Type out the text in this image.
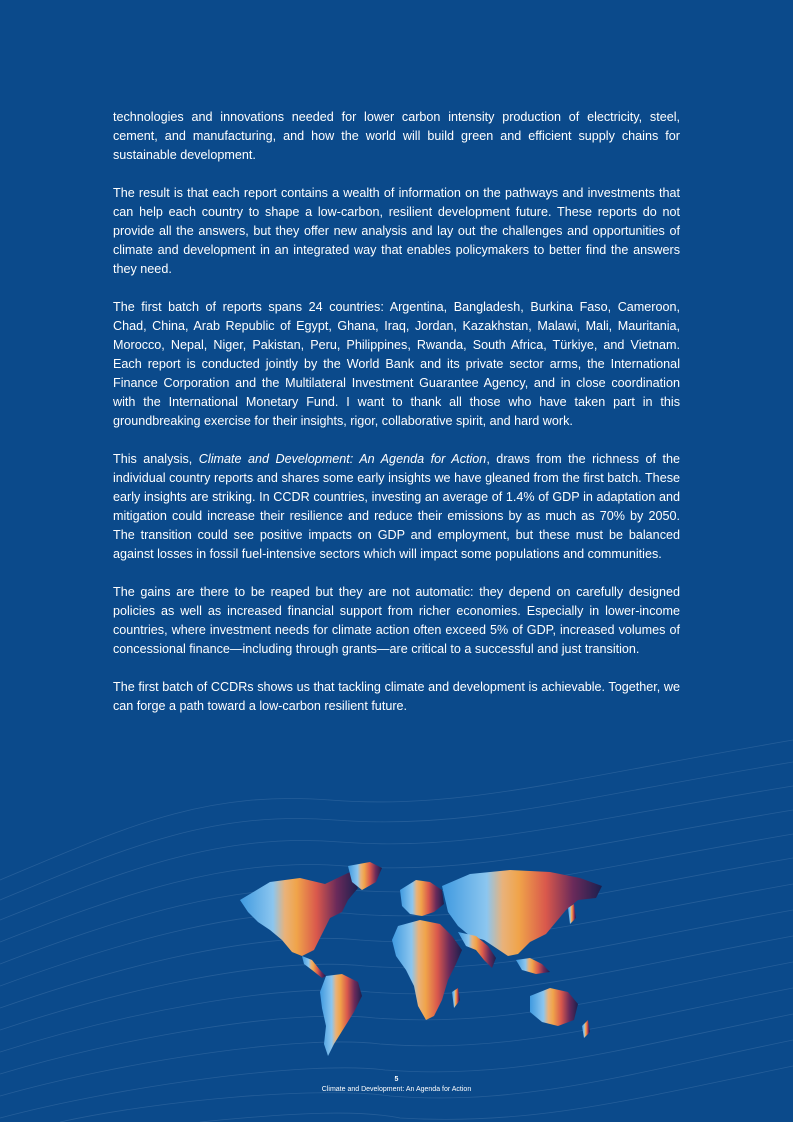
technologies and innovations needed for lower carbon intensity production of electricity, steel, cement, and manufacturing, and how the world will build green and efficient supply chains for sustainable development.

The result is that each report contains a wealth of information on the pathways and investments that can help each country to shape a low-carbon, resilient development future. These reports do not provide all the answers, but they offer new analysis and lay out the challenges and opportunities of climate and development in an integrated way that enables policymakers to better find the answers they need.

The first batch of reports spans 24 countries: Argentina, Bangladesh, Burkina Faso, Cameroon, Chad, China, Arab Republic of Egypt, Ghana, Iraq, Jordan, Kazakhstan, Malawi, Mali, Mauritania, Morocco, Nepal, Niger, Pakistan, Peru, Philippines, Rwanda, South Africa, Türkiye, and Vietnam. Each report is conducted jointly by the World Bank and its private sector arms, the International Finance Corporation and the Multilateral Investment Guarantee Agency, and in close coordination with the International Monetary Fund. I want to thank all those who have taken part in this groundbreaking exercise for their insights, rigor, collaborative spirit, and hard work.

This analysis, Climate and Development: An Agenda for Action, draws from the richness of the individual country reports and shares some early insights we have gleaned from the first batch. These early insights are striking. In CCDR countries, investing an average of 1.4% of GDP in adaptation and mitigation could increase their resilience and reduce their emissions by as much as 70% by 2050. The transition could see positive impacts on GDP and employment, but these must be balanced against losses in fossil fuel-intensive sectors which will impact some populations and communities.

The gains are there to be reaped but they are not automatic: they depend on carefully designed policies as well as increased financial support from richer economies. Especially in lower-income countries, where investment needs for climate action often exceed 5% of GDP, increased volumes of concessional finance—including through grants—are critical to a successful and just transition.

The first batch of CCDRs shows us that tackling climate and development is achievable. Together, we can forge a path toward a low-carbon resilient future.

5
Climate and Development: An Agenda for Action
